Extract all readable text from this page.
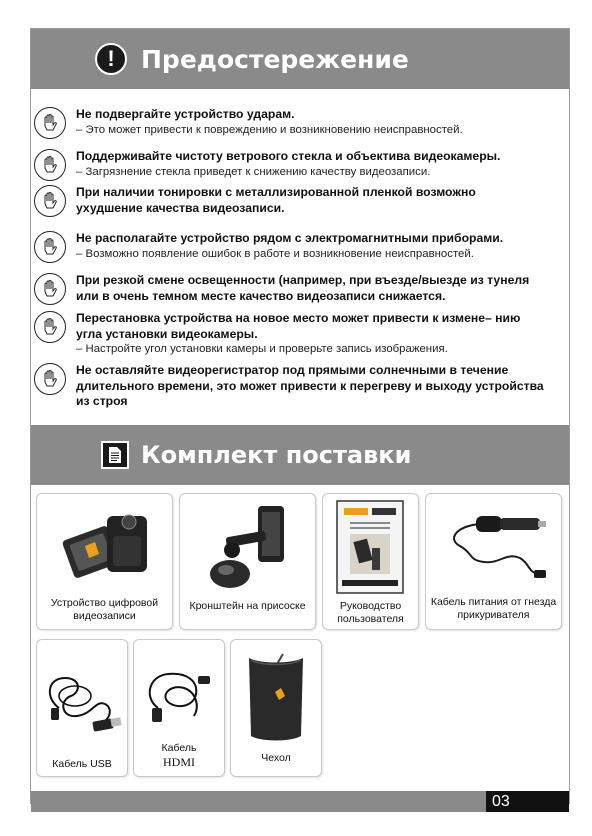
!	Предостережение
Не подвергайте устройство ударам.
– Это может привести к повреждению и возникновению неисправностей.
Поддерживайте чистоту ветрового стекла и объектива видеокамеры.
– Загрязнение стекла приведет к снижению качеству видеозаписи.
При наличии тонировки с металлизированной пленкой возможно ухудшение качества видеозаписи.
Не располагайте устройство рядом с электромагнитными приборами.
– Возможно появление ошибок в работе и возникновение неисправностей.
При резкой смене освещенности (например, при въезде/выезде из тунеля или в очень темном месте качество видеозаписи снижается.
Перестановка устройства на новое место может привести к измене– нию угла установки видеокамеры.
– Настройте угол установки камеры и проверьте запись изображения.
Не оставляйте видеорегистратор под прямыми солнечными в течение длительного времени, это может привести к перегреву и выходу устройства из строя
Комплект поставки
Устройство цифровой видеозаписи
Кронштейн на присоске	Руководство пользователя
Кабель питания от гнезда прикуривателя
Кабель USB
Кабель
HDMI	Чехол
03
